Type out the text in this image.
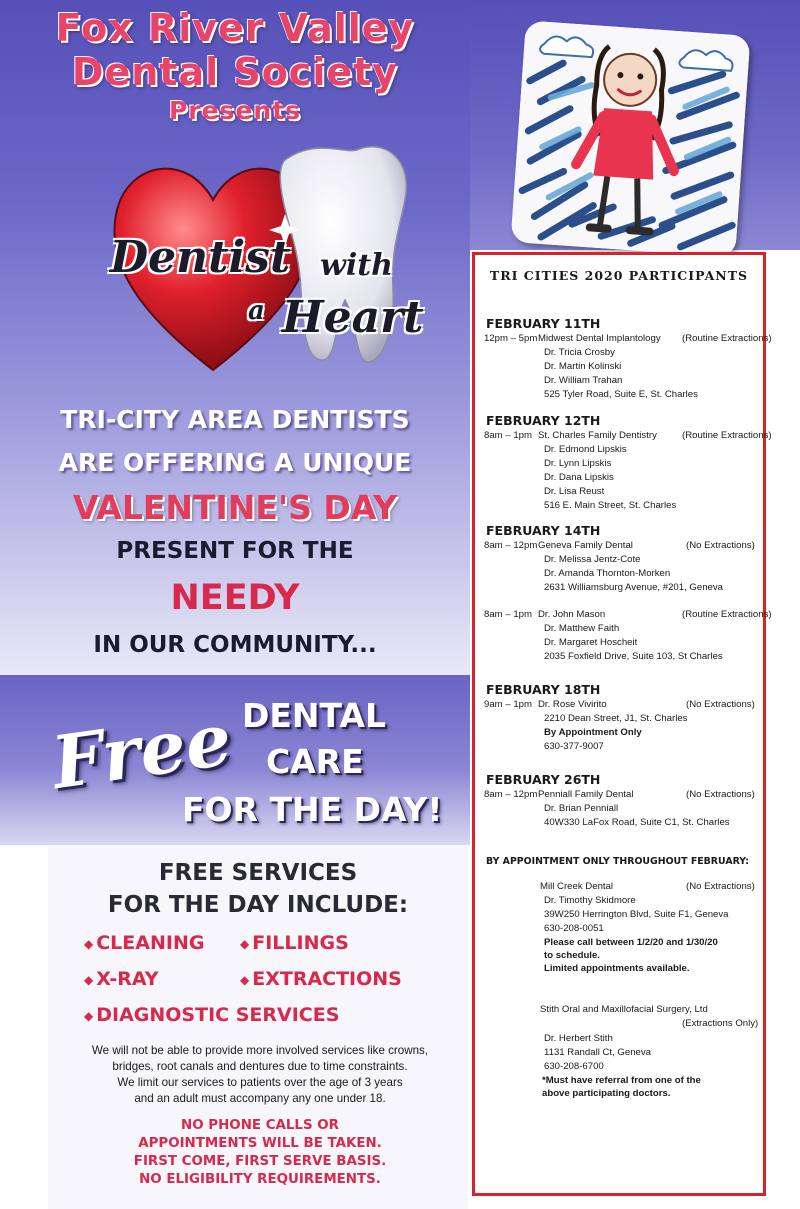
Fox River Valley
Dental Society
Presents
Dentist with
a Heart
TRI-CITY AREA DENTISTS
ARE OFFERING A UNIQUE
VALENTINE'S DAY
PRESENT FOR THE
NEEDY
IN OUR COMMUNITY...
Free DENTAL
CARE
FOR THE DAY!
FREE SERVICES
FOR THE DAY INCLUDE:
◆ CLEANING	◆ FILLINGS
◆ X-RAY	◆ EXTRACTIONS
◆ DIAGNOSTIC SERVICES
We will not be able to provide more involved services like crowns,
bridges, root canals and dentures due to time constraints.
We limit our services to patients over the age of 3 years
and an adult must accompany any one under 18.
NO PHONE CALLS OR
APPOINTMENTS WILL BE TAKEN.
FIRST COME, FIRST SERVE BASIS.
NO ELIGIBILITY REQUIREMENTS.
TRI CITIES 2020 PARTICIPANTS
FEBRUARY 11TH
12pm – 5pm Midwest Dental Implantology (Routine Extractions)
Dr. Tricia Crosby
Dr. Martin Kolinski
Dr. William Trahan
525 Tyler Road, Suite E, St. Charles
FEBRUARY 12TH
8am – 1pm St. Charles Family Dentistry	(Routine Extractions)
Dr. Edmond Lipskis
Dr. Lynn Lipskis
Dr. Dana Lipskis
Dr. Lisa Reust
516 E. Main Street, St. Charles
FEBRUARY 14TH
8am – 12pm Geneva Family Dental	(No Extractions)
Dr. Melissa Jentz-Cote
Dr. Amanda Thornton-Morken
2631 Williamsburg Avenue, #201, Geneva
8am – 1pm Dr. John Mason	(Routine Extractions)
Dr. Matthew Faith
Dr. Margaret Hoscheit
2035 Foxfield Drive, Suite 103, St Charles
FEBRUARY 18TH
9am – 1pm Dr. Rose Vivirito	(No Extractions)
2210 Dean Street, J1, St. Charles
By Appointment Only
630-377-9007
FEBRUARY 26TH
8am – 12pm Penniall Family Dental	(No Extractions)
Dr. Brian Penniall
40W330 LaFox Road, Suite C1, St. Charles
BY APPOINTMENT ONLY THROUGHOUT FEBRUARY:
Mill Creek Dental	(No Extractions)
Dr. Timothy Skidmore
39W250 Herrington Blvd, Suite F1, Geneva
630-208-0051
Please call between 1/2/20 and 1/30/20
to schedule.
Limited appointments available.
Stith Oral and Maxillofacial Surgery, Ltd
(Extractions Only)
Dr. Herbert Stith
1131 Randall Ct, Geneva
630-208-6700
*Must have referral from one of the
above participating doctors.
